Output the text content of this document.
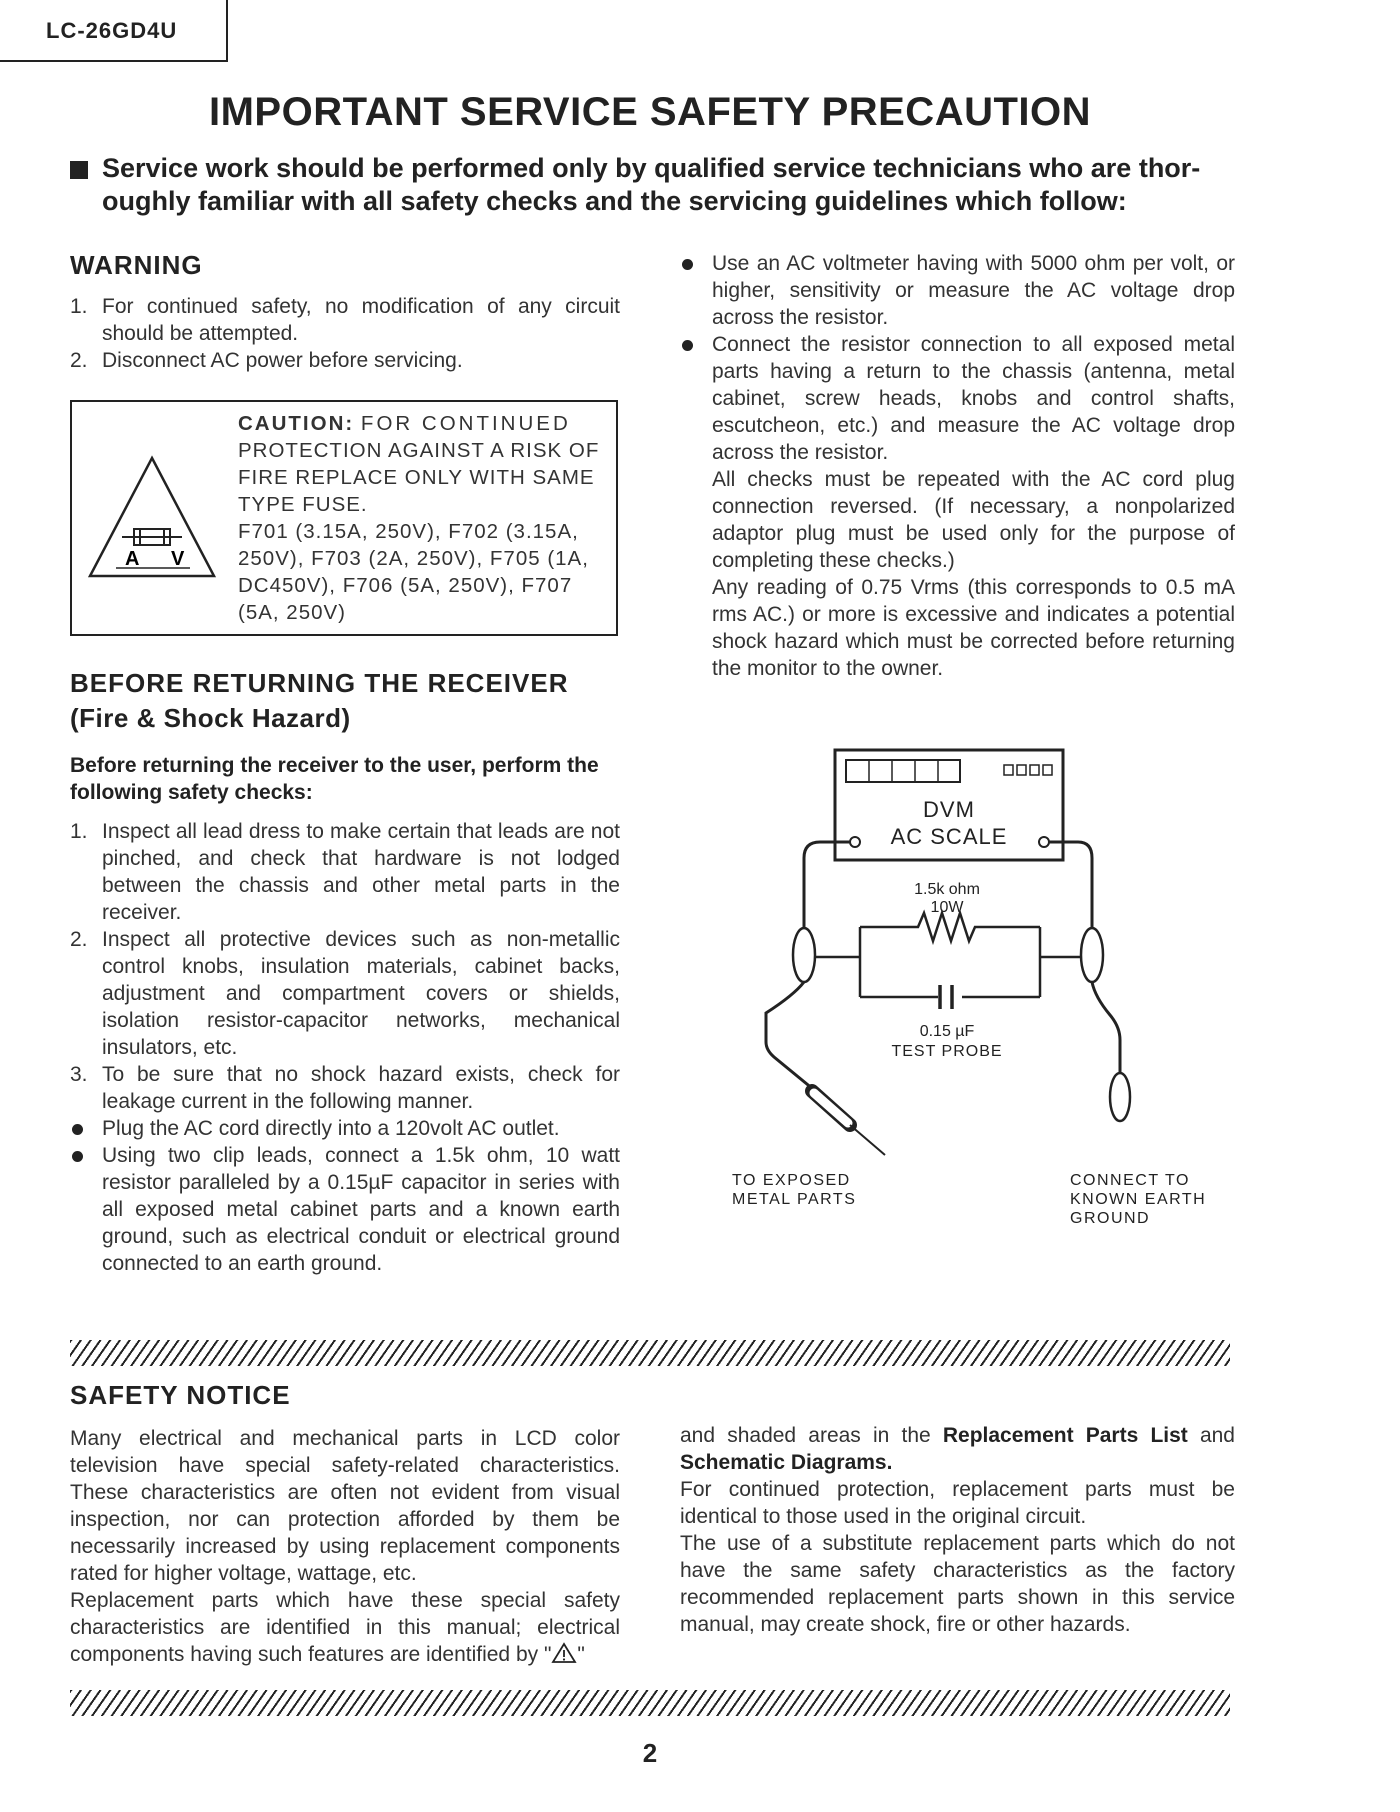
LC-26GD4U
IMPORTANT SERVICE SAFETY PRECAUTION
Service work should be performed only by qualified service technicians who are thor-oughly familiar with all safety checks and the servicing guidelines which follow:
WARNING
1. For continued safety, no modification of any circuit should be attempted.
2. Disconnect AC power before servicing.
A V
CAUTION: FOR CONTINUED PROTECTION AGAINST A RISK OF FIRE REPLACE ONLY WITH SAME TYPE FUSE.
F701 (3.15A, 250V), F702 (3.15A, 250V), F703 (2A, 250V), F705 (1A, DC450V), F706 (5A, 250V), F707 (5A, 250V)
BEFORE RETURNING THE RECEIVER
(Fire & Shock Hazard)
Before returning the receiver to the user, perform the following safety checks:
1. Inspect all lead dress to make certain that leads are not pinched, and check that hardware is not lodged between the chassis and other metal parts in the receiver.
2. Inspect all protective devices such as non-metallic control knobs, insulation materials, cabinet backs, adjustment and compartment covers or shields, isolation resistor-capacitor networks, mechanical insulators, etc.
3. To be sure that no shock hazard exists, check for leakage current in the following manner.
Plug the AC cord directly into a 120volt AC outlet.
Using two clip leads, connect a 1.5k ohm, 10 watt resistor paralleled by a 0.15µF capacitor in series with all exposed metal cabinet parts and a known earth ground, such as electrical conduit or electrical ground connected to an earth ground.
Use an AC voltmeter having with 5000 ohm per volt, or higher, sensitivity or measure the AC voltage drop across the resistor.
Connect the resistor connection to all exposed metal parts having a return to the chassis (antenna, metal cabinet, screw heads, knobs and control shafts, escutcheon, etc.) and measure the AC voltage drop across the resistor.
All checks must be repeated with the AC cord plug connection reversed. (If necessary, a nonpolarized adaptor plug must be used only for the purpose of completing these checks.)
Any reading of 0.75 Vrms (this corresponds to 0.5 mA rms AC.) or more is excessive and indicates a potential shock hazard which must be corrected before returning the monitor to the owner.
DVM
AC SCALE
1.5k ohm
10W
0.15 µF
TEST PROBE
TO EXPOSED
METAL PARTS
CONNECT TO
KNOWN EARTH
GROUND
SAFETY NOTICE
Many electrical and mechanical parts in LCD color television have special safety-related characteristics. These characteristics are often not evident from visual inspection, nor can protection afforded by them be necessarily increased by using replacement components rated for higher voltage, wattage, etc.
Replacement parts which have these special safety characteristics are identified in this manual; electrical components having such features are identified by " "
and shaded areas in the Replacement Parts List and Schematic Diagrams.
For continued protection, replacement parts must be identical to those used in the original circuit.
The use of a substitute replacement parts which do not have the same safety characteristics as the factory recommended replacement parts shown in this service manual, may create shock, fire or other hazards.
2
